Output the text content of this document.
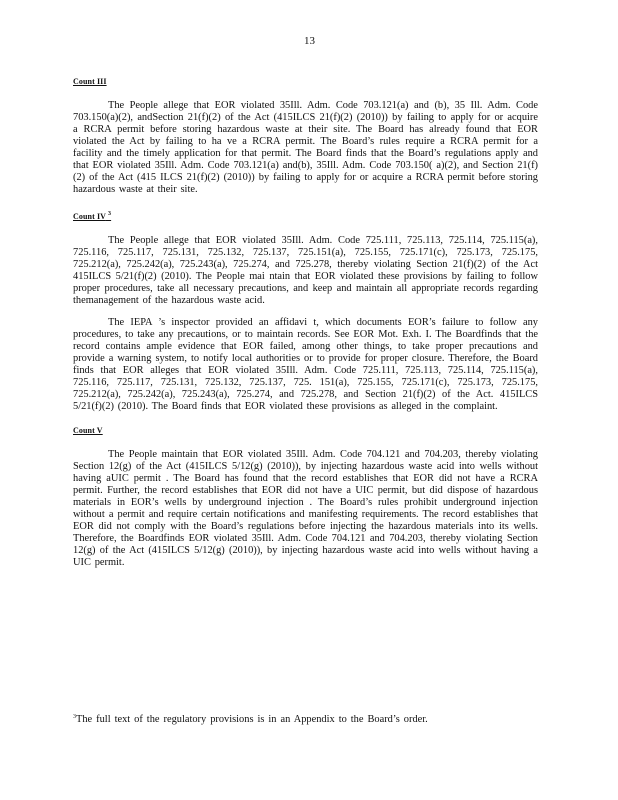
13
Count III

The People allege that EOR violated 35Ill. Adm. Code 703.121(a) and (b), 35 Ill. Adm. Code 703.150(a)(2), andSection 21(f)(2) of the Act (415ILCS 21(f)(2) (2010)) by failing to apply for or acquire a RCRA permit before storing hazardous waste at their site. The Board has already found that EOR violated the Act by failing to ha ve a RCRA permit. The Board’s rules require a RCRA permit for a facility and the timely application for that permit. The Board finds that the Board’s regulations apply and that EOR violated 35Ill. Adm. Code 703.121(a) and(b), 35Ill. Adm. Code 703.150( a)(2), and Section 21(f)(2) of the Act (415 ILCS 21(f)(2) (2010)) by failing to apply for or acquire a RCRA permit before storing hazardous waste at their site.

Count IV $^3$

The People allege that EOR violated 35Ill. Adm. Code 725.111, 725.113, 725.114, 725.115(a), 725.116, 725.117, 725.131, 725.132, 725.137, 725.151(a), 725.155, 725.171(c), 725.173, 725.175, 725.212(a), 725.242(a), 725.243(a), 725.274, and 725.278, thereby violating Section 21(f)(2) of the Act 415ILCS 5/21(f)(2) (2010). The People mai ntain that EOR violated these provisions by failing to follow proper procedures, take all necessary precautions, and keep and maintain all appropriate records regarding themanagement of the hazardous waste acid.

The IEPA ’s inspector provided an affidavi t, which documents EOR’s failure to follow any procedures, to take any precautions, or to maintain records. See EOR Mot. Exh. I. The Boardfinds that the record contains ample evidence that EOR failed, among other things, to take proper precautions and provide a warning system, to notify local authorities or to provide for proper closure. Therefore, the Board finds that EOR alleges that EOR violated 35Ill. Adm. Code 725.111, 725.113, 725.114, 725.115(a), 725.116, 725.117, 725.131, 725.132, 725.137, 725. 151(a), 725.155, 725.171(c), 725.173, 725.175, 725.212(a), 725.242(a), 725.243(a), 725.274, and 725.278, and Section 21(f)(2) of the Act. 415ILCS 5/21(f)(2) (2010). The Board finds that EOR violated these provisions as alleged in the complaint.

Count V

The People maintain that EOR violated 35Ill. Adm. Code 704.121 and 704.203, thereby violating Section 12(g) of the Act (415ILCS 5/12(g) (2010)), by injecting hazardous waste acid into wells without having aUIC permit . The Board has found that the record establishes that EOR did not have a RCRA permit. Further, the record establishes that EOR did not have a UIC permit, but did dispose of hazardous materials in EOR’s wells by underground injection . The Board’s rules prohibit underground injection without a permit and require certain notifications and manifesting requirements. The record establishes that EOR did not comply with the Board’s regulations before injecting the hazardous materials into its wells. Therefore, the Boardfinds EOR violated 35Ill. Adm. Code 704.121 and 704.203, thereby violating Section 12(g) of the Act (415ILCS 5/12(g) (2010)), by injecting hazardous waste acid into wells without having a UIC permit.

$^3$The full text of the regulatory provisions is in an Appendix to the Board’s order.
